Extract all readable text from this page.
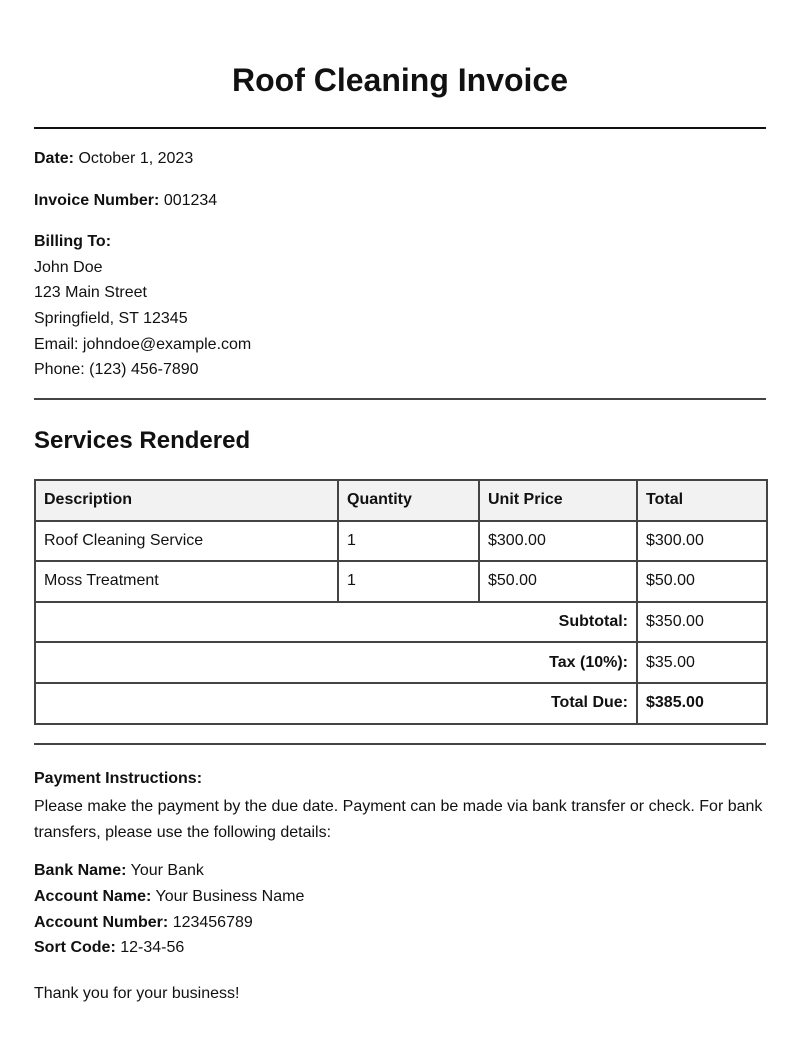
Roof Cleaning Invoice
Date: October 1, 2023
Invoice Number: 001234
Billing To:
John Doe
123 Main Street
Springfield, ST 12345
Email: johndoe@example.com
Phone: (123) 456-7890
Services Rendered
Description	Quantity	Unit Price	Total
Roof Cleaning Service	1	$300.00	$300.00
Moss Treatment	1	$50.00	$50.00
Subtotal:			$350.00
Tax (10%):			$35.00
Total Due:			$385.00
Payment Instructions:

Please make the payment by the due date. Payment can be made via bank transfer or check. For bank transfers, please use the following details:

Bank Name: Your Bank
Account Name: Your Business Name
Account Number: 123456789
Sort Code: 12-34-56
Thank you for your business!
